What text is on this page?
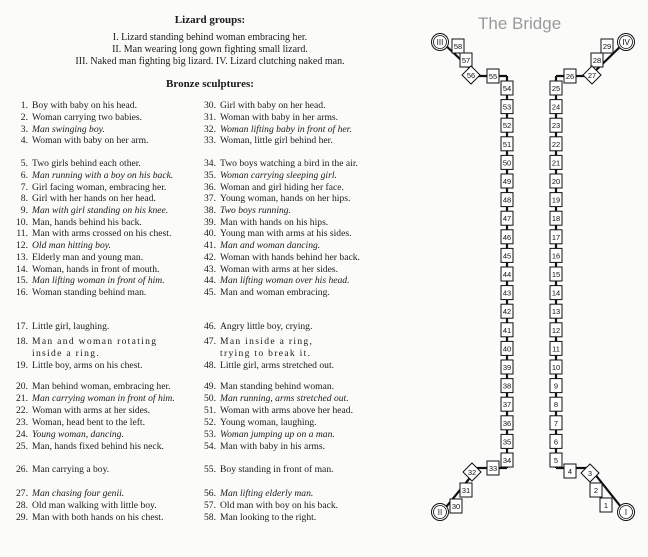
Lizard groups:
I. Lizard standing behind woman embracing her.
II. Man wearing long gown fighting small lizard.
III. Naked man fighting big lizard. IV. Lizard clutching naked man.
Bronze sculptures:
1. Boy with baby on his head.
2. Woman carrying two babies.
3. Man swinging boy.
4. Woman with baby on her arm.
5. Two girls behind each other.
6. Man running with a boy on his back.
7. Girl facing woman, embracing her.
8. Girl with her hands on her head.
9. Man with girl standing on his knee.
10. Man, hands behind his back.
11. Man with arms crossed on his chest.
12. Old man hitting boy.
13. Elderly man and young man.
14. Woman, hands in front of mouth.
15. Man lifting woman in front of him.
16. Woman standing behind man.
17. Little girl, laughing.
18. Man and woman rotating
inside a ring.
19. Little boy, arms on his chest.
20. Man behind woman, embracing her.
21. Man carrying woman in front of him.
22. Woman with arms at her sides.
23. Woman, head bent to the left.
24. Young woman, dancing.
25. Man, hands fixed behind his neck.
26. Man carrying a boy.
27. Man chasing four genii.
28. Old man walking with little boy.
29. Man with both hands on his chest.
30. Girl with baby on her head.
31. Woman with baby in her arms.
32. Woman lifting baby in front of her.
33. Woman, little girl behind her.
34. Two boys watching a bird in the air.
35. Woman carrying sleeping girl.
36. Woman and girl hiding her face.
37. Young woman, hands on her hips.
38. Two boys running.
39. Man with hands on his hips.
40. Young man with arms at his sides.
41. Man and woman dancing.
42. Woman with hands behind her back.
43. Woman with arms at her sides.
44. Man lifting woman over his head.
45. Man and woman embracing.
46. Angry little boy, crying.
47. Man inside a ring,
trying to break it.
48. Little girl, arms stretched out.
49. Man standing behind woman.
50. Man running, arms stretched out.
51. Woman with arms above her head.
52. Young woman, laughing.
53. Woman jumping up on a man.
54. Man with baby in his arms.
55. Boy standing in front of man.
56. Man lifting elderly man.
57. Old man with boy on his back.
58. Man looking to the right.
The Bridge
54
53
52
51
50
49
48
47
46
45
44
43
42
41
40
39
38
37
36
35
34
25
24
23
22
21
20
19
18
17
16
15
14
13
12
11
10
9
8
7
6
5
58
57
56 55
29
28
27
26
33
32
31
30
4 3
2
1
III	IV
II	I
